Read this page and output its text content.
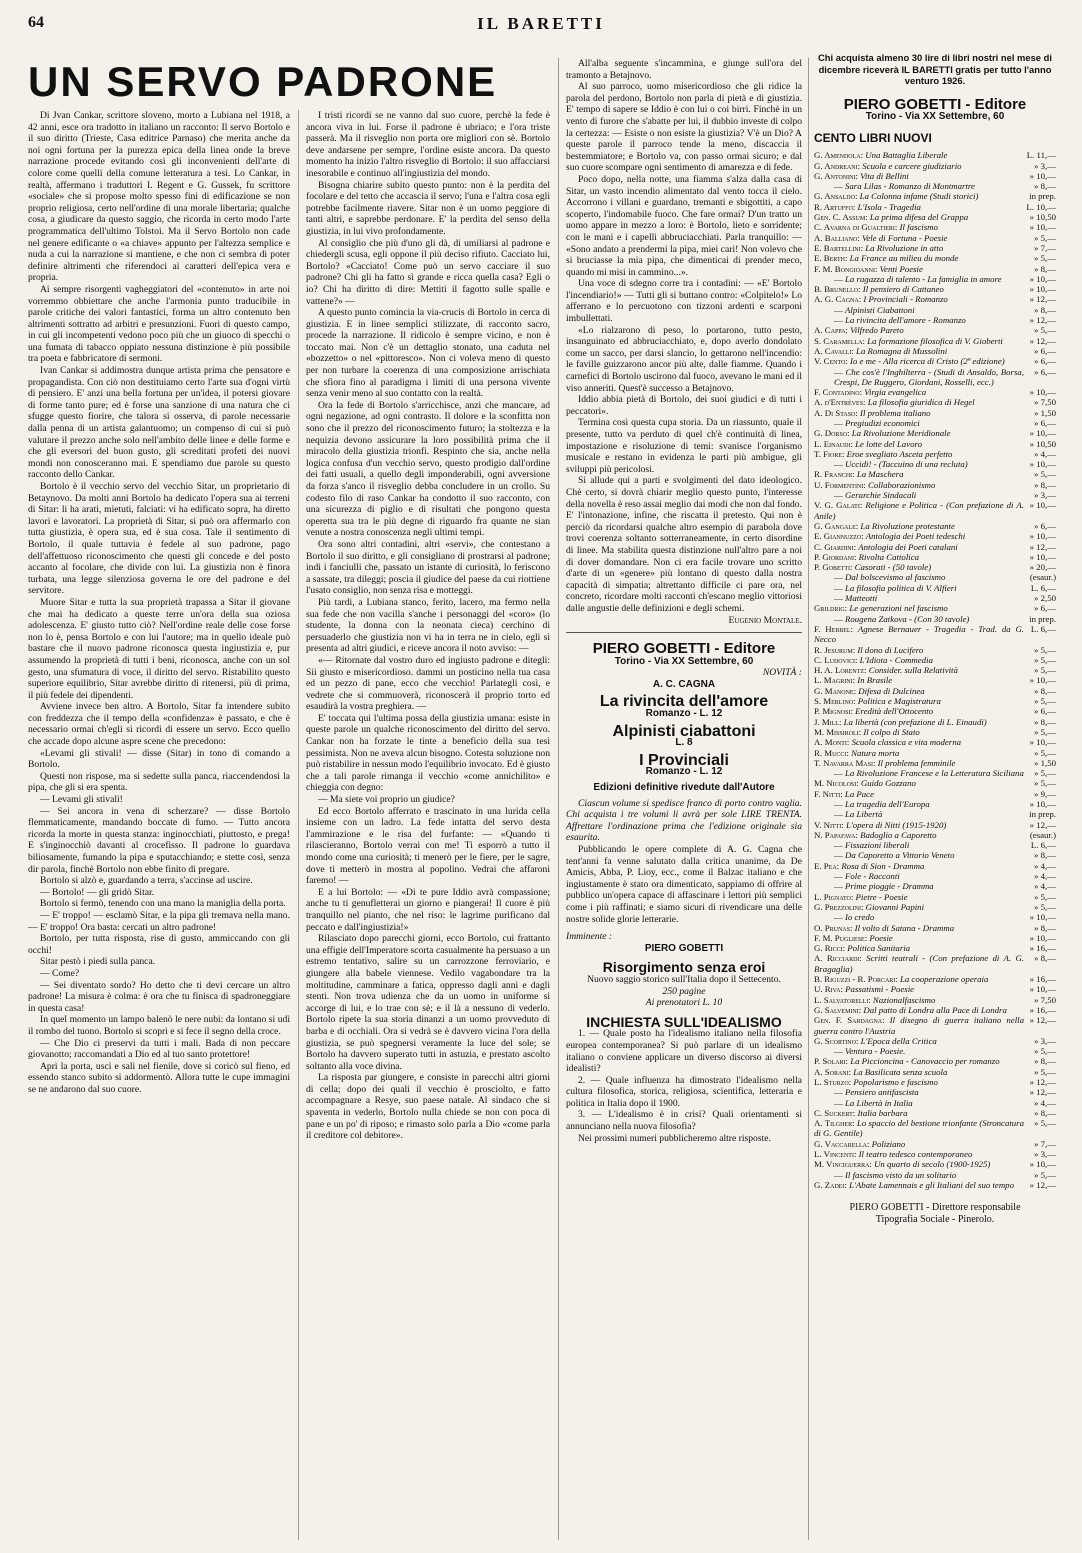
64	IL BARETTI
UN SERVO PADRONE

Di Jvan Cankar, scrittore sloveno, morto a Lubiana nel 1918, a 42 anni, esce ora tradotto in italiano un racconto: Il servo Bortolo e il suo diritto (Trieste, Casa editrice Parnaso) che merita anche da noi ogni fortuna per la purezza epica della linea onde la breve narrazione procede evitando così gli inconvenienti dell'arte di colore come quelli della comune letteratura a tesi. Lo Cankar, in realtà, affermano i traduttori I. Regent e G. Gussek, fu scrittore «sociale» che si propose molto spesso fini di edificazione se non proprio religiosa, certo nell'ordine di una morale libertaria; qualche cosa, a giudicare da questo saggio, che ricorda in certo modo l'arte programmatica dell'ultimo Tolstoi. Ma il Servo Bortolo non cade nel genere edificante o «a chiave» appunto per l'altezza semplice e nuda a cui la narrazione si mantiene, e che non ci sembra di poter definire altrimenti che riferendoci ai caratteri dell'epica vera e propria.

Ai sempre risorgenti vagheggiatori del «contenuto» in arte noi vorremmo obbiettare che anche l'armonia punto traducibile in parole critiche dei valori fantastici, forma un altro contenuto ben altrimenti sottratto ad arbitri e presunzioni. Fuori di questo campo, in cui gli incompetenti vedono poco più che un giuoco di specchi o una fumata di tabacco oppiato nessuna distinzione è più possibile tra poeta e fabbricatore di sermoni.

Ivan Cankar si addimostra dunque artista prima che pensatore e propagandista. Con ciò non destituiamo certo l'arte sua d'ogni virtù di pensiero. E' anzi una bella fortuna per un'idea, il potersi giovare di forme tanto pure; ed è forse una sanzione di una natura che ci sfugge questo fiorire, che talora si osserva, di parole necessarie dalla penna di un artista galantuomo; un compenso di cui si può valutare il prezzo anche solo nell'ambito delle linee e delle forme e che gli eversori del buon gusto, gli screditati profeti dei nuovi mondi non conosceranno mai. E spendiamo due parole su questo racconto dello Cankar.

Bortolo è il vecchio servo del vecchio Sitar, un proprietario di Betaynovo. Da molti anni Bortolo ha dedicato l'opera sua ai terreni di Sitar: li ha arati, mietuti, falciati: vi ha edificato sopra, ha diretto lavori e lavoratori. La proprietà di Sitar, si può ora affermarlo con tutta giustizia, è opera sua, ed è sua cosa. Tale il sentimento di Bortolo, il quale tuttavia è fedele al suo padrone, pago dell'affettuoso riconoscimento che questi gli concede e del posto accanto al focolare, che divide con lui. La giustizia non è finora turbata, una legge silenziosa governa le ore del padrone e del servitore.

Muore Sitar e tutta la sua proprietà trapassa a Sitar il giovane che mai ha dedicato a queste terre un'ora della sua oziosa adolescenza. E' giusto tutto ciò? Nell'ordine reale delle cose forse non lo è, pensa Bortolo e con lui l'autore; ma in quello ideale può bastare che il nuovo padrone riconosca questa ingiustizia e, pur assumendo la proprietà di tutti i beni, riconosca, anche con un sol gesto, una sfumatura di voce, il diritto del servo. Ristabilito questo superiore equilibrio, Sitar avrebbe diritto di ritenersi, più di prima, il più fedele dei dipendenti.

Avviene invece ben altro. A Bortolo, Sitar fa intendere subito con freddezza che il tempo della «confidenza» è passato, e che è necessario ormai ch'egli si ricordi di essere un servo. Ecco quello che accade dopo alcune aspre scene che precedono:

«Levami gli stivali! — disse (Sitar) in tono di comando a Bortolo.

Questi non rispose, ma si sedette sulla panca, riaccendendosi la pipa, che gli si era spenta.

— Levami gli stivali!

— Sei ancora in vena di scherzare? — disse Bortolo flemmaticamente, mandando boccate di fumo. — Tutto ancora ricorda la morte in questa stanza: inginocchiati, piuttosto, e prega! E s'inginocchiò davanti al crocefisso. Il padrone lo guardava biliosamente, fumando la pipa e sputacchiando; e stette così, senza dir parola, finchè Bortolo non ebbe finito di pregare.

Bortolo si alzò e, guardando a terra, s'accinse ad uscire.

— Bortolo! — gli gridò Sitar.

Bortolo si fermò, tenendo con una mano la maniglia della porta.

— E' troppo! — esclamò Sitar, e la pipa gli tremava nella mano. — E' troppo! Ora basta: cercati un altro padrone!

Bortolo, per tutta risposta, rise di gusto, ammiccando con gli occhi!

Sitar pestò i piedi sulla panca.

— Come?

— Sei diventato sordo? Ho detto che ti devi cercare un altro padrone! La misura è colma: è ora che tu finisca di spadroneggiare in questa casa!

In quel momento un lampo balenò le nere nubi: da lontano si udì il rombo del tuono. Bortolo si scoprì e si fece il segno della croce.

— Che Dio ci preservi da tutti i mali. Bada di non peccare giovanotto; raccomandati a Dio ed al tuo santo protettore!

Aprì la porta, uscì e salì nel fienile, dove si coricò sul fieno, ed essendo stanco subito si addormentò. Allora tutte le cupe immagini se ne andarono dal suo cuore.

I tristi ricordi se ne vanno dal suo cuore, perchè la fede è ancora viva in lui. Forse il padrone è ubriaco; e l'ora triste passerà. Ma il risveglio non porta ore migliori con sè. Bortolo deve andarsene per sempre, l'ordine esiste ancora. Da questo momento ha inizio l'altro risveglio di Bortolo: il suo affacciarsi inesorabile e continuo all'ingiustizia del mondo.

Bisogna chiarire subito questo punto: non è la perdita del focolare e del tetto che accascia il servo; l'una e l'altra cosa egli potrebbe facilmente riavere. Sitar non è un uomo peggiore di tanti altri, e saprebbe perdonare. E' la perdita del senso della giustizia, in lui vivo profondamente.

Al consiglio che più d'uno gli dà, di umiliarsi al padrone e chiedergli scusa, egli oppone il più deciso rifiuto. Cacciato lui, Bortolo? «Cacciato! Come può un servo cacciare il suo padrone? Chi gli ha fatto sì grande e ricca quella casa? Egli o io? Chi ha diritto di dire: Mettiti il fagotto sulle spalle e vattene?» —

A questo punto comincia la via-crucis di Bortolo in cerca di giustizia. E in linee semplici stilizzate, di racconto sacro, procede la narrazione. Il ridicolo è sempre vicino, e non è toccato mai. Non c'è un dettaglio stonato, una caduta nel «bozzetto» o nel «pittoresco». Non ci voleva meno di questo per non turbare la coerenza di una composizione arrischiata che sfiora fino al paradigma i limiti di una persona vivente senza venir meno al suo contatto con la realtà.

Ora la fede di Bortolo s'arricchisce, anzi che mancare, ad ogni negazione, ad ogni contrasto. Il dolore e la sconfitta non sono che il prezzo del riconoscimento futuro; la stoltezza e la nequizia devono assicurare la loro possibilità prima che il miracolo della giustizia trionfi. Respinto che sia, anche nella logica confusa d'un vecchio servo, questo prodigio dall'ordine dei fatti usuali, a quello degli imponderabili, ogni avversione da forza s'anco il risveglio debba concludere in un crollo. Su codesto filo di raso Cankar ha condotto il suo racconto, con una sicurezza di piglio e di risultati che pongono questa operetta sua tra le più degne di riguardo fra quante ne sian venute a nostra conoscenza negli ultimi tempi.

Ora sono altri contadini, altri «servi», che contestano a Bortolo il suo diritto, e gli consigliano di prostrarsi al padrone; indi i fanciulli che, passato un istante di curiosità, lo feriscono a sassate, tra dileggi; poscia il giudice del paese da cui riottiene l'usato consiglio, non senza risa e motteggi.

Più tardi, a Lubiana stanco, ferito, lacero, ma fermo nella sua fede che non vacilla s'anche i personaggi del «coro» (lo studente, la donna con la neonata cieca) cerchino di persuaderlo che giustizia non vi ha in terra ne in cielo, egli si presenta ad altri giudici, e riceve ancora il noto avviso: —

«— Ritornate dal vostro duro ed ingiusto padrone e ditegli: Sii giusto e misericordioso. dammi un posticino nella tua casa ed un pezzo di pane, ecco che vecchio! Parlategli così, e vedrete che si commuoverà, riconoscerà il proprio torto ed esaudirà la vostra preghiera. —

E' toccata qui l'ultima possa della giustizia umana: esiste in queste parole un qualche riconoscimento del diritto del servo. Cankar non ha forzate le tinte a beneficio della sua tesi pessimista. Non ne aveva alcun bisogno. Cotesta soluzione non può ristabilire in nessun modo l'equilibrio invocato. Ed è giusto che a tali parole rimanga il vecchio «come annichilito» e chieggia con degno:

— Ma siete voi proprio un giudice?

Ed ecco Bortolo afferrato e trascinato in una lurida cella insieme con un ladro. La fede intatta del servo desta l'ammirazione e le risa del furfante: — «Quando ti rilascieranno, Bortolo verrai con me! Ti esporrò a tutto il mondo come una curiosità; ti menerò per le fiere, per le sagre, dove ti metterò in mostra al popolino. Vedrai che affaroni faremo! —

E a lui Bortolo: — «Di te pure Iddio avrà compassione; anche tu ti genufletterai un giorno e piangerai! Il cuore è più tranquillo nel pianto, che nel riso: le lagrime purificano dal peccato e dall'ingiustizia!»

Rilasciato dopo parecchi giorni, ecco Bortolo, cui frattanto una effigie dell'Imperatore scorta casualmente ha persuaso a un estremo tentativo, salire su un carrozzone ferroviario, e giungere alla babele viennese. Vedilo vagabondare tra la moltitudine, camminare a fatica, oppresso dagli anni e dagli stenti. Non trova udienza che da un uomo in uniforme si accorge di lui, e lo trae con sè; e il là a nessuno di vederlo. Bortolo ripete la sua storia dinanzi a un uomo provveduto di barba e di occhiali. Ora si vedrà se è davvero vicina l'ora della giustizia, se può spegnersi veramente la luce del sole; se Bortolo ha davvero superato tutti in astuzia, e prestato ascolto soltanto alla voce divina.

La risposta par giungere, e consiste in parecchi altri giorni di cella; dopo dei quali il vecchio è prosciolto, e fatto accompagnare a Resye, suo paese natale. Al sindaco che si spaventa in vederlo, Bortolo nulla chiede se non con poca di pane e un po' di riposo; e rimasto solo parla a Dio «come parla il creditore col debitore».

All'alba seguente s'incammina, e giunge sull'ora del tramonto a Betajnovo.

Al suo parroco, uomo misericordioso che gli ridice la parola del perdono, Bortolo non parla di pietà e di giustizia. E' tempo di sapere se Iddio è con lui o coi birri. Finchè in un vento di furore che s'abatte per lui, il dubbio investe di colpo la certezza: — Esiste o non esiste la giustizia? V'è un Dio? A queste parole il parroco tende la meno, discaccia il bestemmiatore; e Bortolo va, con passo ormai sicuro; e dal suo cuore scompare ogni sentimento di amarezza e di fede.

Poco dopo, nella notte, una fiamma s'alza dalla casa di Sitar, un vasto incendio alimentato dal vento tocca il cielo. Accorrono i villani e guardano, tremanti e sbigottiti, a capo scoperto, l'indomabile fuoco. Che fare ormai? D'un tratto un uomo appare in mezzo a loro: è Bortolo, lieto e sorridente; con le mani e i capelli abbruciacchiati. Parla tranquillo: — «Sono andato a prendermi la pipa, miei cari! Non volevo che si bruciasse la mia pipa, che dimenticai di prender meco, quando mi misi in cammino...».

Una voce di sdegno corre tra i contadini: — «E' Bortolo l'incendiario!» — Tutti gli si buttano contro: «Colpitelo!» Lo afferrano e lo percuotono con tizzoni ardenti e scarponi imbullettati.

«Lo rialzarono di peso, lo portarono, tutto pesto, insanguinato ed abbruciacchiato, e, dopo averlo dondolato come un sacco, per darsi slancio, lo gettarono nell'incendio: le faville guizzarono ancor più alte, dalle fiamme. Quando i carnefici di Bortolo uscirono dal fuoco, avevano le mani ed il viso anneriti. Quest'è successo a Betajnovo.

Iddio abbia pietà di Bortolo, dei suoi giudici e di tutti i peccatori».

Termina così questa cupa storia. Da un riassunto, quale il presente, tutto va perduto di quel ch'è continuità di linea, impostazione e risoluzione di temi: svanisce l'organismo musicale e restano in evidenza le parti più ambigue, gli sviluppi più pericolosi.

Si allude qui a parti e svolgimenti del dato ideologico. Chè certo, si dovrà chiarir meglio questo punto, l'interesse della novella è reso assai meglio dai modi che non dal fondo. E' l'intonazione, infine, che riscatta il pretesto. Qui non è perciò da ricordarsi qualche altro esempio di parabola dove trovi coerenza soltanto sotterraneamente, in certo disordine di linee. Ma stabilita questa distinzione null'altro pare a noi di dover domandare. Non ci era facile trovare uno scritto d'arte di un «genere» più lontano di questo dalla nostra capacità di simpatia; altrettanto difficile ci pare ora, nel concreto, ricordare molti racconti ch'escano meglio vittoriosi dalle angustie delle definizioni e degli schemi.

Eugenio Montale.

PIERO GOBETTI - Editore
Torino - Via XX Settembre, 60
NOVITÀ :
A. C. CAGNA
La rivincita dell'amore
Romanzo - L. 12
Alpinisti ciabattoni
L. 8
I Provinciali
Romanzo - L. 12
Edizioni definitive rivedute dall'Autore

Ciascun volume si spedisce franco di porto contro vaglia. Chi acquista i tre volumi li avrà per sole LIRE TRENTA. Affrettare l'ordinazione prima che l'edizione originale sia esaurita.

Pubblicando le opere complete di A. G. Cagna che tent'anni fa venne salutato dalla critica unanime, da De Amicis, Abba, P. Lioy, ecc., come il Balzac italiano e che ingiustamente è stato ora dimenticato, sappiamo di offrire al pubblico un'opera capace di affascinare i lettori più semplici come i più raffinati; e siamo sicuri di rivendicare una delle nostre solide glorie letterarie.

Imminente :
PIERO GOBETTI
Risorgimento senza eroi

Nuovo saggio storico sull'Italia dopo il Settecento.

250 pagine
Ai prenotatori L. 10
INCHIESTA SULL'IDEALISMO

1. — Quale posto ha l'idealismo italiano nella filosofia europea contemporanea? Si può parlare di un idealismo italiano o conviene applicare un diverso discorso ai diversi idealisti?

2. — Quale influenza ha dimostrato l'idealismo nella cultura filosofica, storica, religiosa, scientifica, letteraria e politica in Italia dopo il 1900.

3. — L'idealismo è in crisi? Quali orientamenti si annunciano nella nuova filosofia?

Nei prossimi numeri pubblicheremo altre risposte.

Chi acquista almeno 30 lire di libri nostri nel mese di dicembre riceverà IL BARETTI gratis per tutto l'anno venturo 1926.

PIERO GOBETTI - Editore
Torino - Via XX Settembre, 60
CENTO LIBRI NUOVI
G. Amendola: Una Battaglia Liberale	L. 11,—
G. Andreani: Scuola e carcere giudiziario	» 3,—
G. Antonini: Vita di Bellini	» 10,—
— Sara Lilas - Romanzo di Montmartre	» 8,—
G. Ansaldo: La Colonna infame (Studi storici)	in prep.
R. Artuffo: L'Isola - Tragedia	L. 10,—
Gen. C. Assum: La prima difesa del Grappa	» 10,50
C. Avarna di Gualtieri: Il fascismo	» 10,—
A. Balliano: Vele di Fortuna - Poesie	» 5,—
E. Bartellini: La Rivoluzione in atto	» 7,—
E. Berth: La France au milieu du monde	» 5,—
F. M. Bongioanni: Venti Poesie	» 8,—
— La ragazza di talento - La famiglia in amore	» 10,—
B. Brunello: Il pensiero di Cattaneo	» 10,—
A. G. Cagna: I Provinciali - Romanzo	» 12,—
— Alpinisti Ciabattoni	» 8,—
— La rivincita dell'amore - Romanzo	» 12,—
A. Cappa: Vilfredo Pareto	» 5,—
S. Caramella: La formazione filosofica di V. Gioberti	» 12,—
A. Cavalli: La Romagna di Mussolini	» 6,—
V. Cento: Io e me - Alla ricerca di Cristo (2ª edizione)	» 6,—
— Che cos'è l'Inghilterra - (Studi di Ansaldo, Borsa, Crespi, De Ruggero, Giordani, Rosselli, ecc.)
» 6,—
F. Contadino: Virgia evangelica	» 10,—
A. d'Entrèves: La filosofia giuridica di Hegel	» 7,50
A. Di Staso: Il problema italiano	» 1,50
— Pregiudizi economici	» 6,—
G. Dorso: La Rivoluzione Meridionale	» 10,—
L. Einaudi: Le lotte del Lavoro	» 10,50
T. Fiore: Eroe svegliato Asceta perfetto	» 4,—
— Uccidi! - (Taccuino di una recluta)	» 10,—
R. Franchi: La Maschera	» 5,—
U. Formentini: Collaborazionismo	» 8,—
— Gerarchie Sindacali	» 3,—
V. G. Galati: Religione e Politica - (Con prefazione di A. Anile)
» 10,—
G. Gangale: La Rivoluzione protestante	» 6,—
E. Giannuzzo: Antologia dei Poeti tedeschi	» 10,—
C. Giardini: Antologia dei Poeti catalani	» 12,—
P. Giordani: Rivolta Cattolica	» 10,—
P. Gobetti: Casorati - (50 tavole)	» 20,—
— Dal bolscevismo al fascismo	(esaur.)
— La filosofia politica di V. Alfieri	L. 6,—
— Matteotti	» 2,50
Grildrig: Le generazioni nel fascismo	» 6,—
— Rougena Zatkova - (Con 30 tavole)	in prep.
F. Hebbel: Agnese Bernauer - Tragedia - Trad. da G. Necco
L. 6,—
R. Jesurum: Il dono di Lucifero	» 5,—
C. Ludovici: L'Idiota - Commedia	» 5,—
H. A. Lorentz: Consider. sulla Relatività	» 5,—
L. Magrini: In Brasile	» 10,—
G. Manone: Difesa di Dulcinea	» 8,—
S. Merlino: Politica e Magistratura	» 5,—
P. Mignosi: Eredità dell'Ottocento	» 6,—
J. Mill: La libertà (con prefazione di L. Einaudi)	» 8,—
M. Missiroli: Il colpo di Stato	» 5,—
A. Monti: Scuola classica e vita moderna	» 10,—
R. Mucci: Natura morta	» 5,—
T. Navarra Masi: Il problema femminile	» 1,50
— La Rivoluzione Francese e la Letteratura Siciliana	» 5,—
M. Nicolosi: Guido Gozzano	» 5,—
F. Nitti: La Pace	» 9,—
— La tragedia dell'Europa	» 10,—
— La Libertà	in prep.
V. Nitti: L'opera di Nitti (1915-1920)	» 12,—
N. Papafava: Badoglio a Caporetto	(esaur.)
— Fissazioni liberali	L. 6,—
— Da Caporetto a Vittorio Veneto	» 8,—
E. Pea: Rosa di Sion - Dramma	» 4,—
— Fole - Racconti	» 4,—
— Prime pioggie - Dramma	» 4,—
L. Pignato: Pietre - Poesie	» 5,—
G. Prezzolini: Giovanni Papini	» 5,—
— Io credo	» 10,—
O. Prunas: Il volto di Satana - Dramma	» 8,—
F. M. Pugliese: Poesie	» 10,—
G. Ricci: Politica Sanitaria	» 16,—
A. Ricciardi: Scritti teatrali - (Con prefazione di A. G. Bragaglia)
» 8,—
B. Riguzzi - R. Porcari: La cooperazione operaia	» 16,—
U. Riva: Passatismi - Poesie	» 10,—
L. Salvatorelli: Nazionalfascismo	» 7,50
G. Salvemini: Dal patto di Londra alla Pace di Londra	» 16,—
Gen. F. Sardagna: Il disegno di guerra italiano nella guerra contro l'Austria
» 12,—
G. Scortino: L'Epoca della Critica	» 3,—
— Ventura - Poesie.	» 5,—
P. Solari: La Piccioncina - Canovaccio per romanzo	» 8,—
A. Sorani: La Basilicata senza scuola	» 5,—
L. Sturzo: Popolarismo e fascismo	» 12,—
— Pensiero antifascista	» 12,—
— La Libertà in Italia	» 4,—
C. Suckert: Italia barbara	» 8,—
A. Tilgher: Lo spaccio del bestione trionfante (Stroncatura di G. Gentile)
» 5,—
G. Vaccarella: Poliziano	» 7,—
L. Vincenti: Il teatro tedesco contemporaneo	» 3,—
M. Vinciguerra: Un quarto di secolo (1900-1925)	» 10,—
— Il fascismo visto da un solitario	» 5,—
G. Zadei: L'Abate Lamennais e gli Italiani del suo tempo	» 12,—
PIERO GOBETTI - Direttore responsabile
Tipografia Sociale - Pinerolo.
